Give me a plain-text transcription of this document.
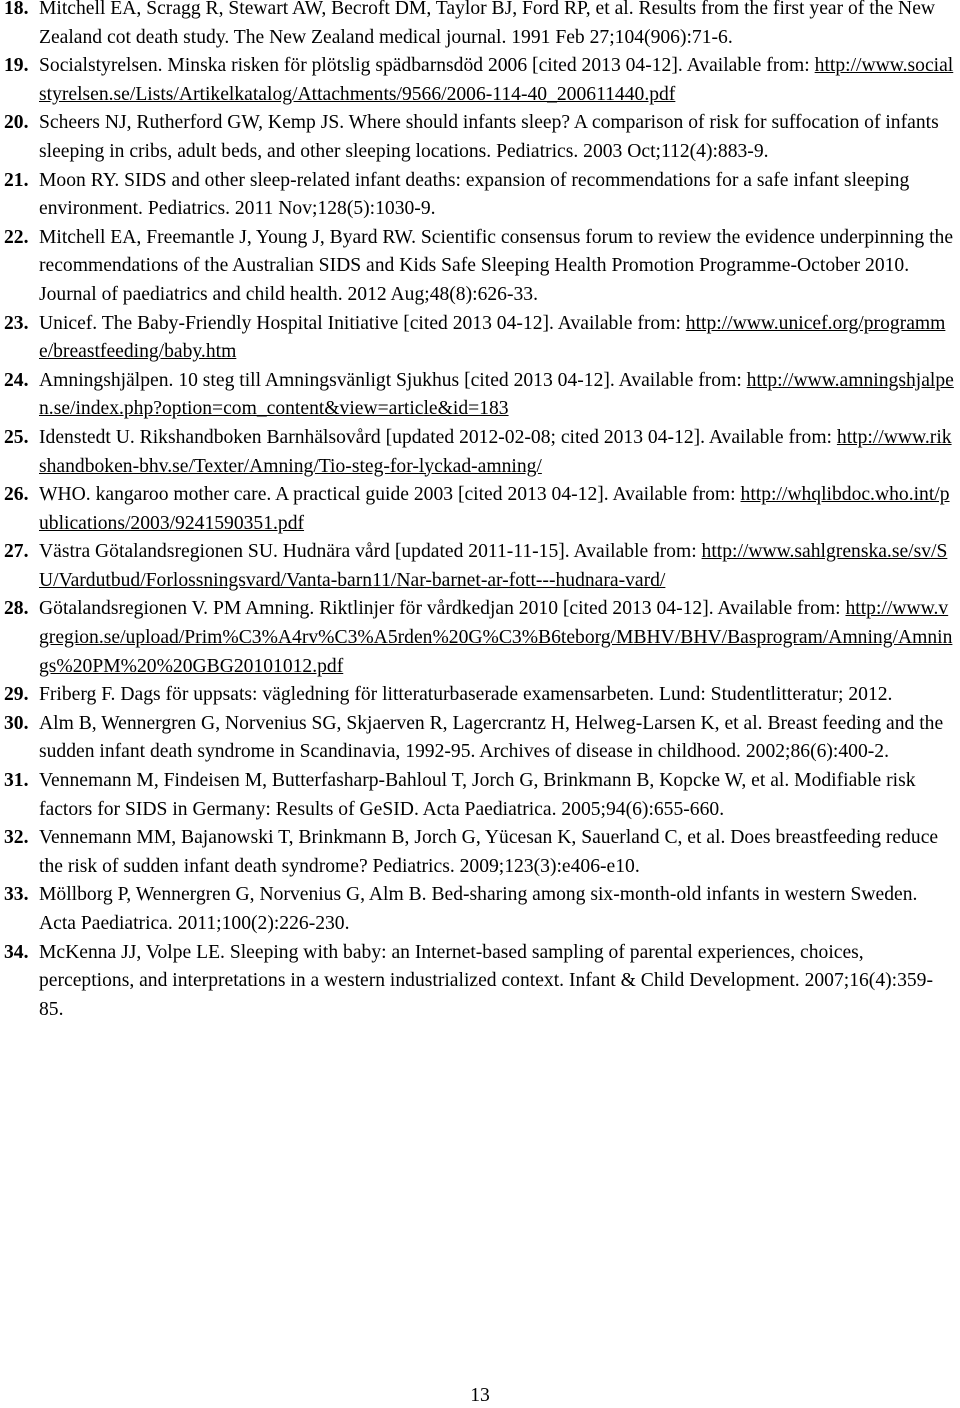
18. Mitchell EA, Scragg R, Stewart AW, Becroft DM, Taylor BJ, Ford RP, et al. Results from the first year of the New Zealand cot death study. The New Zealand medical journal. 1991 Feb 27;104(906):71-6.
19. Socialstyrelsen. Minska risken för plötslig spädbarnsdöd 2006 [cited 2013 04-12]. Available from: http://www.socialstyrelsen.se/Lists/Artikelkatalog/Attachments/9566/2006-114-40_200611440.pdf
20. Scheers NJ, Rutherford GW, Kemp JS. Where should infants sleep? A comparison of risk for suffocation of infants sleeping in cribs, adult beds, and other sleeping locations. Pediatrics. 2003 Oct;112(4):883-9.
21. Moon RY. SIDS and other sleep-related infant deaths: expansion of recommendations for a safe infant sleeping environment. Pediatrics. 2011 Nov;128(5):1030-9.
22. Mitchell EA, Freemantle J, Young J, Byard RW. Scientific consensus forum to review the evidence underpinning the recommendations of the Australian SIDS and Kids Safe Sleeping Health Promotion Programme-October 2010. Journal of paediatrics and child health. 2012 Aug;48(8):626-33.
23. Unicef. The Baby-Friendly Hospital Initiative [cited 2013 04-12]. Available from: http://www.unicef.org/programme/breastfeeding/baby.htm
24. Amningshjälpen. 10 steg till Amningsvänligt Sjukhus [cited 2013 04-12]. Available from: http://www.amningshjalpen.se/index.php?option=com_content&view=article&id=183
25. Idenstedt U. Rikshandboken Barnhälsovård [updated 2012-02-08; cited 2013 04-12]. Available from: http://www.rikshandboken-bhv.se/Texter/Amning/Tio-steg-for-lyckad-amning/
26. WHO. kangaroo mother care. A practical guide 2003 [cited 2013 04-12]. Available from: http://whqlibdoc.who.int/publications/2003/9241590351.pdf
27. Västra Götalandsregionen SU. Hudnära vård [updated 2011-11-15]. Available from: http://www.sahlgrenska.se/sv/SU/Vardutbud/Forlossningsvard/Vanta-barn11/Nar-barnet-ar-fott---hudnara-vard/
28. Götalandsregionen V. PM Amning. Riktlinjer för vårdkedjan 2010 [cited 2013 04-12]. Available from: http://www.vgregion.se/upload/Prim%C3%A4rv%C3%A5rden%20G%C3%B6teborg/MBHV/BHV/Basprogram/Amning/Amnings%20PM%20%20GBG20101012.pdf
29. Friberg F. Dags för uppsats: vägledning för litteraturbaserade examensarbeten. Lund: Studentlitteratur; 2012.
30. Alm B, Wennergren G, Norvenius SG, Skjaerven R, Lagercrantz H, Helweg-Larsen K, et al. Breast feeding and the sudden infant death syndrome in Scandinavia, 1992-95. Archives of disease in childhood. 2002;86(6):400-2.
31. Vennemann M, Findeisen M, Butterfasharp-Bahloul T, Jorch G, Brinkmann B, Kopcke W, et al. Modifiable risk factors for SIDS in Germany: Results of GeSID. Acta Paediatrica. 2005;94(6):655-660.
32. Vennemann MM, Bajanowski T, Brinkmann B, Jorch G, Yücesan K, Sauerland C, et al. Does breastfeeding reduce the risk of sudden infant death syndrome? Pediatrics. 2009;123(3):e406-e10.
33. Möllborg P, Wennergren G, Norvenius G, Alm B. Bed-sharing among six-month-old infants in western Sweden. Acta Paediatrica. 2011;100(2):226-230.
34. McKenna JJ, Volpe LE. Sleeping with baby: an Internet-based sampling of parental experiences, choices, perceptions, and interpretations in a western industrialized context. Infant & Child Development. 2007;16(4):359-85.
13
